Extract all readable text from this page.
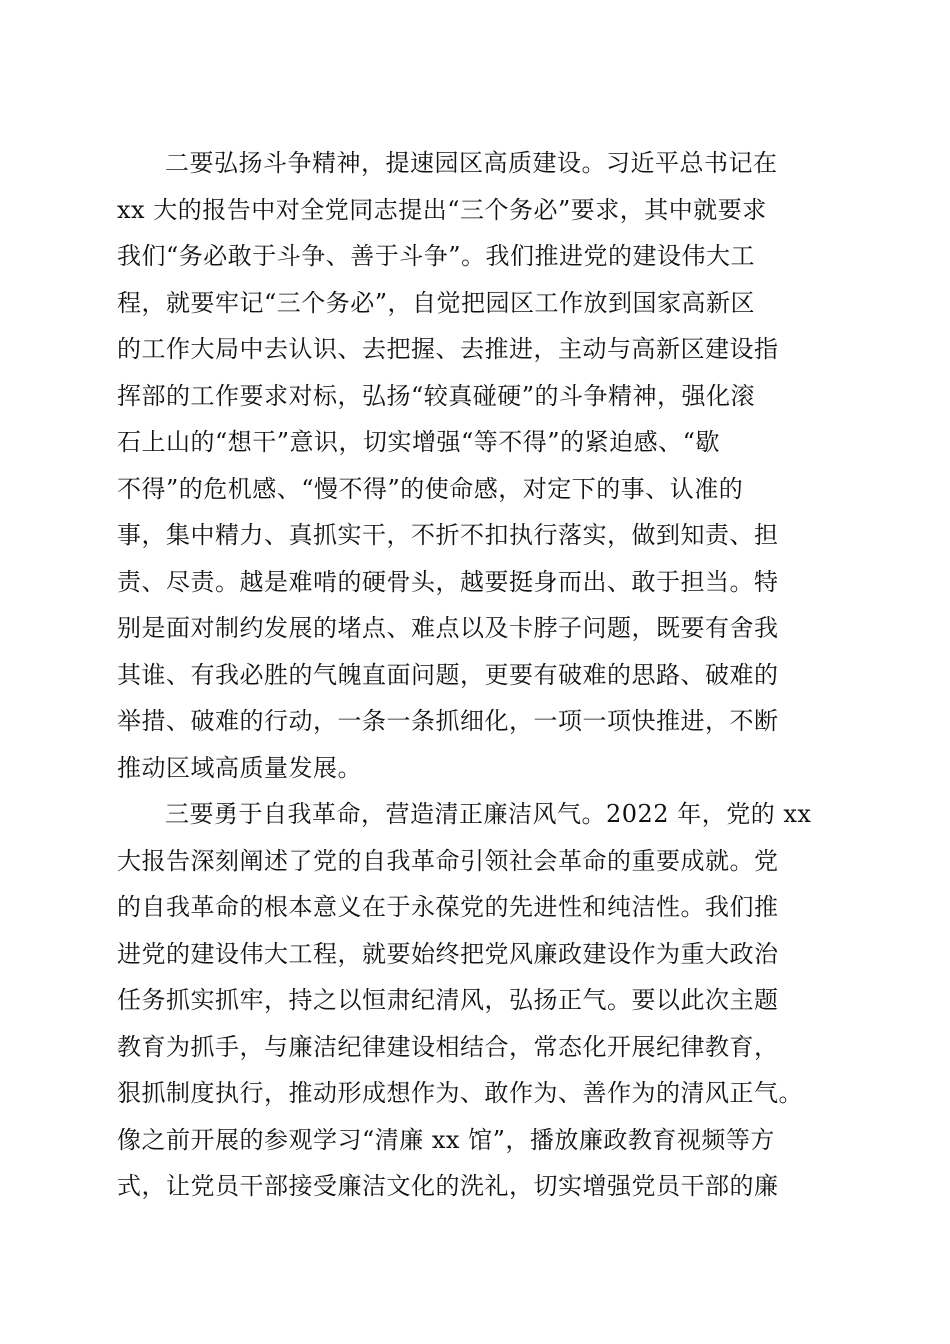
二要弘扬斗争精神，提速园区高质建设。习近平总书记在
xx 大的报告中对全党同志提出“三个务必”要求，其中就要求
我们“务必敢于斗争、善于斗争”。我们推进党的建设伟大工
程，就要牢记“三个务必”，自觉把园区工作放到国家高新区
的工作大局中去认识、去把握、去推进，主动与高新区建设指
挥部的工作要求对标，弘扬“较真碰硬”的斗争精神，强化滚
石上山的“想干”意识，切实增强“等不得”的紧迫感、“歇
不得”的危机感、“慢不得”的使命感，对定下的事、认准的
事，集中精力、真抓实干，不折不扣执行落实，做到知责、担
责、尽责。越是难啃的硬骨头，越要挺身而出、敢于担当。特
别是面对制约发展的堵点、难点以及卡脖子问题，既要有舍我
其谁、有我必胜的气魄直面问题，更要有破难的思路、破难的
举措、破难的行动，一条一条抓细化，一项一项快推进，不断
推动区域高质量发展。
三要勇于自我革命，营造清正廉洁风气。2022 年，党的 xx
大报告深刻阐述了党的自我革命引领社会革命的重要成就。党
的自我革命的根本意义在于永葆党的先进性和纯洁性。我们推
进党的建设伟大工程，就要始终把党风廉政建设作为重大政治
任务抓实抓牢，持之以恒肃纪清风，弘扬正气。要以此次主题
教育为抓手，与廉洁纪律建设相结合，常态化开展纪律教育，
狠抓制度执行，推动形成想作为、敢作为、善作为的清风正气。
像之前开展的参观学习“清廉 xx 馆”，播放廉政教育视频等方
式，让党员干部接受廉洁文化的洗礼，切实增强党员干部的廉
